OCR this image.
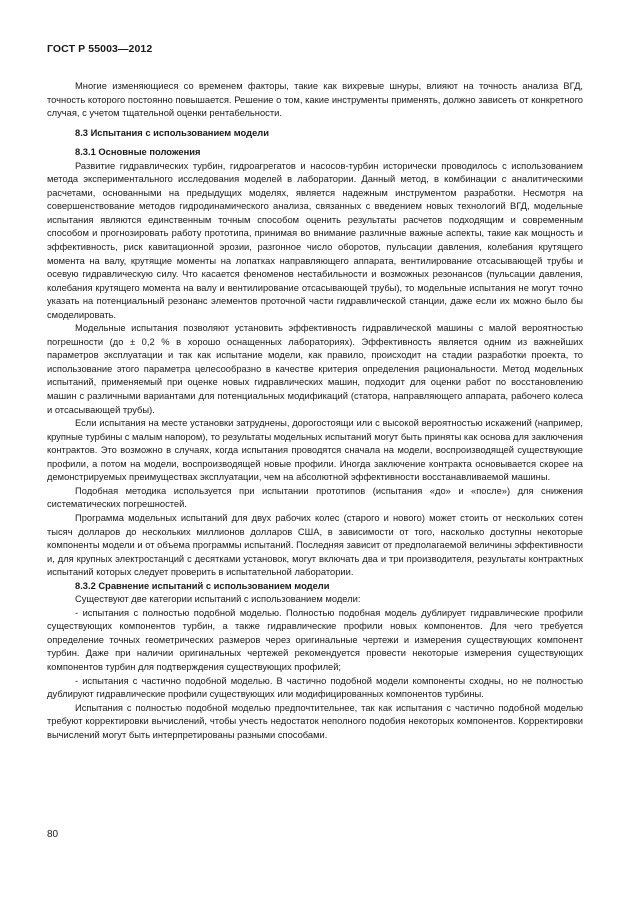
ГОСТ Р 55003—2012

Многие изменяющиеся со временем факторы, такие как вихревые шнуры, влияют на точность анализа ВГД, точность которого постоянно повышается. Решение о том, какие инструменты применять, должно зависеть от конкретного случая, с учетом тщательной оценки рентабельности.

8.3 Испытания с использованием модели
8.3.1 Основные положения

Развитие гидравлических турбин, гидроагрегатов и насосов-турбин исторически проводилось с использованием метода экспериментального исследования моделей в лаборатории. Данный метод, в комбинации с аналитическими расчетами, основанными на предыдущих моделях, является надежным инструментом разработки. Несмотря на совершенствование методов гидродинамического анализа, связанных с введением новых технологий ВГД, модельные испытания являются единственным точным способом оценить результаты расчетов подходящим и современным способом и прогнозировать работу прототипа, принимая во внимание различные важные аспекты, такие как мощность и эффективность, риск кавитационной эрозии, разгонное число оборотов, пульсации давления, колебания крутящего момента на валу, крутящие моменты на лопатках направляющего аппарата, вентилирование отсасывающей трубы и осевую гидравлическую силу. Что касается феноменов нестабильности и возможных резонансов (пульсации давления, колебания крутящего момента на валу и вентилирование отсасывающей трубы), то модельные испытания не могут точно указать на потенциальный резонанс элементов проточной части гидравлической станции, даже если их можно было бы смоделировать.

Модельные испытания позволяют установить эффективность гидравлической машины с малой вероятностью погрешности (до ± 0,2 % в хорошо оснащенных лабораториях). Эффективность является одним из важнейших параметров эксплуатации и так как испытание модели, как правило, происходит на стадии разработки проекта, то использование этого параметра целесообразно в качестве критерия определения рациональности. Метод модельных испытаний, применяемый при оценке новых гидравлических машин, подходит для оценки работ по восстановлению машин с различными вариантами для потенциальных модификаций (статора, направляющего аппарата, рабочего колеса и отсасывающей трубы).

Если испытания на месте установки затруднены, дорогостоящи или с высокой вероятностью искажений (например, крупные турбины с малым напором), то результаты модельных испытаний могут быть приняты как основа для заключения контрактов. Это возможно в случаях, когда испытания проводятся сначала на модели, воспроизводящей существующие профили, а потом на модели, воспроизводящей новые профили. Иногда заключение контракта основывается скорее на демонстрируемых преимуществах эксплуатации, чем на абсолютной эффективности восстанавливаемой машины.

Подобная методика используется при испытании прототипов (испытания «до» и «после») для снижения систематических погрешностей.

Программа модельных испытаний для двух рабочих колес (старого и нового) может стоить от нескольких сотен тысяч долларов до нескольких миллионов долларов США, в зависимости от того, насколько доступны некоторые компоненты модели и от объема программы испытаний. Последняя зависит от предполагаемой величины эффективности и, для крупных электростанций с десятками установок, могут включать два и три производителя, результаты контрактных испытаний которых следует проверить в испытательной лаборатории.

8.3.2 Сравнение испытаний с использованием модели

Существуют две категории испытаний с использованием модели:

- испытания с полностью подобной моделью. Полностью подобная модель дублирует гидравлические профили существующих компонентов турбин, а также гидравлические профили новых компонентов. Для чего требуется определение точных геометрических размеров через оригинальные чертежи и измерения существующих компонент турбин. Даже при наличии оригинальных чертежей рекомендуется провести некоторые измерения существующих компонентов турбин для подтверждения существующих профилей;

- испытания с частично подобной моделью. В частично подобной модели компоненты сходны, но не полностью дублируют гидравлические профили существующих или модифицированных компонентов турбины.

Испытания с полностью подобной моделью предпочтительнее, так как испытания с частично подобной моделью требуют корректировки вычислений, чтобы учесть недостаток неполного подобия некоторых компонентов. Корректировки вычислений могут быть интерпретированы разными способами.

80
